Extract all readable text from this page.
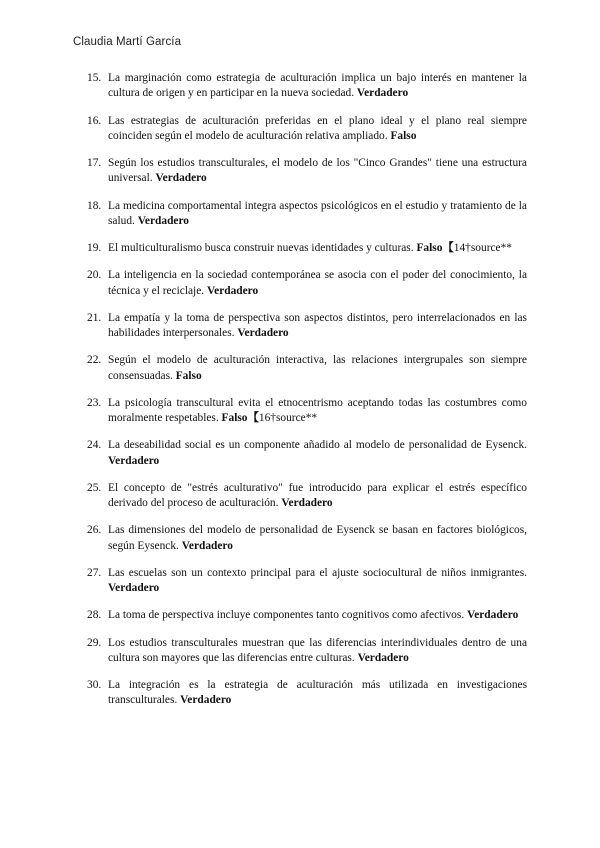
Claudia Martí García
15. La marginación como estrategia de aculturación implica un bajo interés en mantener la cultura de origen y en participar en la nueva sociedad. Verdadero
16. Las estrategias de aculturación preferidas en el plano ideal y el plano real siempre coinciden según el modelo de aculturación relativa ampliado. Falso
17. Según los estudios transculturales, el modelo de los "Cinco Grandes" tiene una estructura universal. Verdadero
18. La medicina comportamental integra aspectos psicológicos en el estudio y tratamiento de la salud. Verdadero
19. El multiculturalismo busca construir nuevas identidades y culturas. Falso【14†source**
20. La inteligencia en la sociedad contemporánea se asocia con el poder del conocimiento, la técnica y el reciclaje. Verdadero
21. La empatía y la toma de perspectiva son aspectos distintos, pero interrelacionados en las habilidades interpersonales. Verdadero
22. Según el modelo de aculturación interactiva, las relaciones intergrupales son siempre consensuadas. Falso
23. La psicología transcultural evita el etnocentrismo aceptando todas las costumbres como moralmente respetables. Falso【16†source**
24. La deseabilidad social es un componente añadido al modelo de personalidad de Eysenck. Verdadero
25. El concepto de "estrés aculturativo" fue introducido para explicar el estrés específico derivado del proceso de aculturación. Verdadero
26. Las dimensiones del modelo de personalidad de Eysenck se basan en factores biológicos, según Eysenck. Verdadero
27. Las escuelas son un contexto principal para el ajuste sociocultural de niños inmigrantes. Verdadero
28. La toma de perspectiva incluye componentes tanto cognitivos como afectivos. Verdadero
29. Los estudios transculturales muestran que las diferencias interindividuales dentro de una cultura son mayores que las diferencias entre culturas. Verdadero
30. La integración es la estrategia de aculturación más utilizada en investigaciones transculturales. Verdadero
